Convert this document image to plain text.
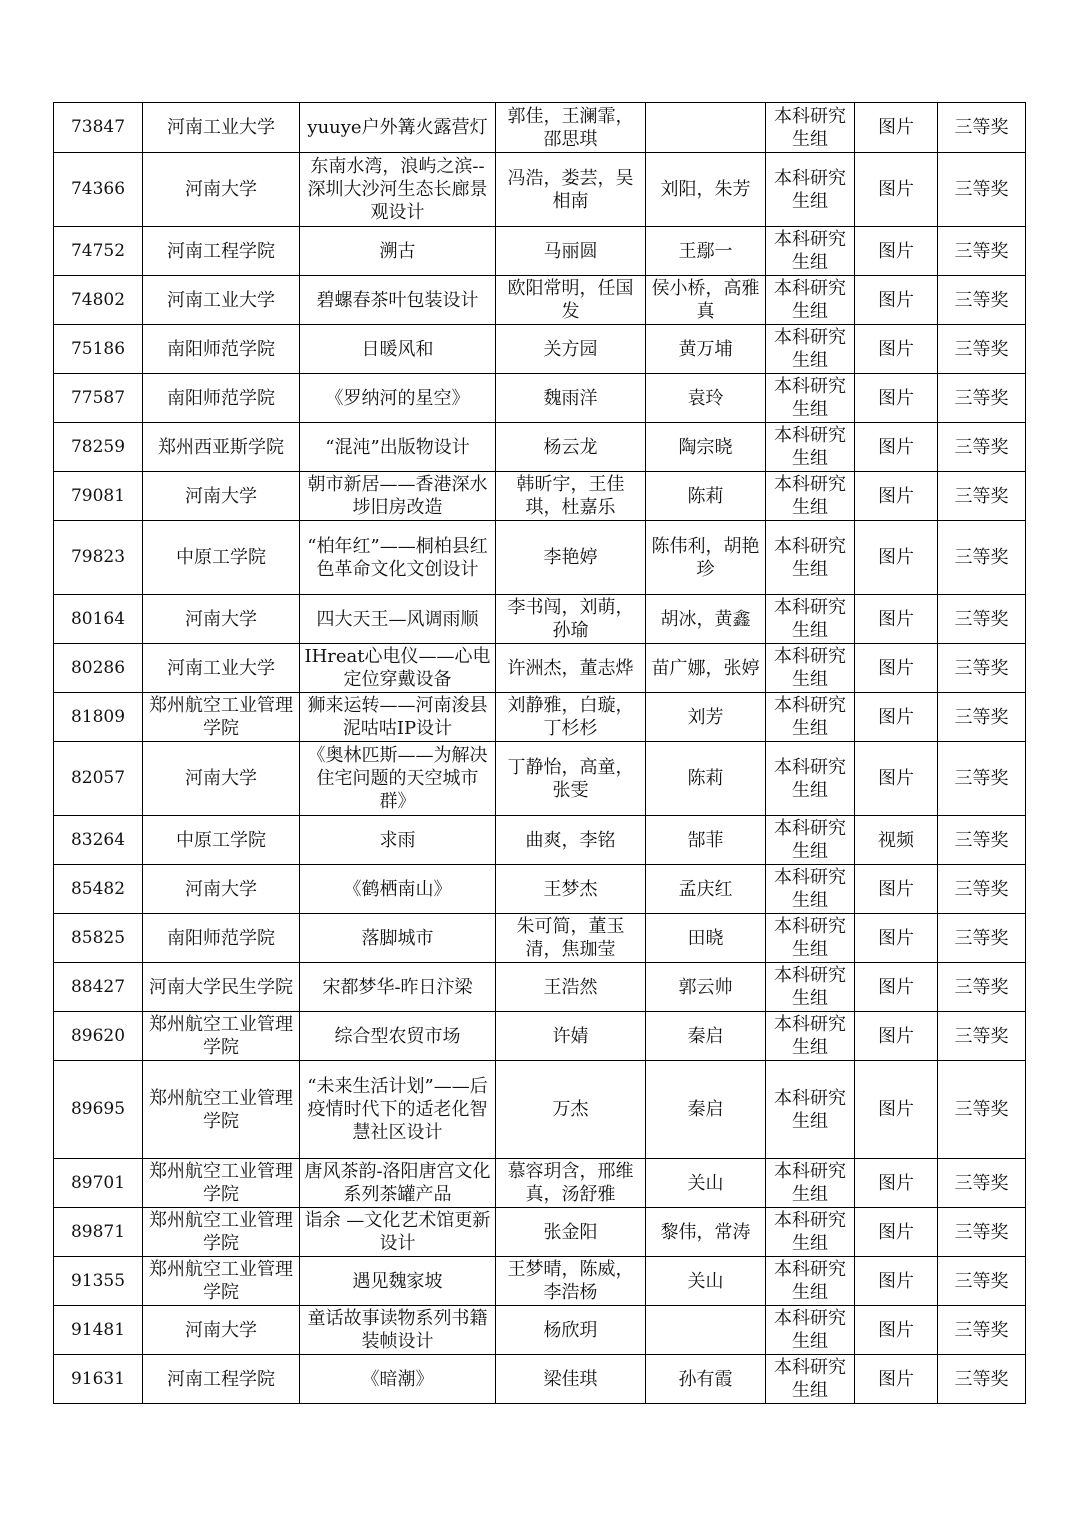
73847	河南工业大学	yuuye户外篝火露营灯	郭佳，王澜霏，邵思琪		本科研究生组	图片	三等奖
74366	河南大学	东南水湾，浪屿之滨--深圳大沙河生态长廊景观设计	冯浩，娄芸，吴相南	刘阳，朱芳	本科研究生组	图片	三等奖
74752	河南工程学院	溯古	马丽圆	王鄢一	本科研究生组	图片	三等奖
74802	河南工业大学	碧螺春茶叶包装设计	欧阳常明，任国发	侯小桥，高雅真	本科研究生组	图片	三等奖
75186	南阳师范学院	日暖风和	关方园	黄万埔	本科研究生组	图片	三等奖
77587	南阳师范学院	《罗纳河的星空》	魏雨洋	袁玲	本科研究生组	图片	三等奖
78259	郑州西亚斯学院	“混沌”出版物设计	杨云龙	陶宗晓	本科研究生组	图片	三等奖
79081	河南大学	朝市新居——香港深水埗旧房改造	韩昕宇，王佳琪，杜嘉乐	陈莉	本科研究生组	图片	三等奖
79823	中原工学院	“柏年红”——桐柏县红色革命文化文创设计	李艳婷	陈伟利，胡艳珍	本科研究生组	图片	三等奖
80164	河南大学	四大天王—风调雨顺	李书闯，刘萌，孙瑜	胡冰，黄鑫	本科研究生组	图片	三等奖
80286	河南工业大学	IHreat心电仪——心电定位穿戴设备	许洲杰，董志烨	苗广娜，张婷	本科研究生组	图片	三等奖
81809	郑州航空工业管理学院	狮来运转——河南浚县泥咕咕IP设计	刘静雅，白璇，丁杉杉	刘芳	本科研究生组	图片	三等奖
82057	河南大学	《奥林匹斯——为解决住宅问题的天空城市群》	丁静怡，高童，张雯	陈莉	本科研究生组	图片	三等奖
83264	中原工学院	求雨	曲爽，李铭	郜菲	本科研究生组	视频	三等奖
85482	河南大学	《鹤栖南山》	王梦杰	孟庆红	本科研究生组	图片	三等奖
85825	南阳师范学院	落脚城市	朱可简，董玉清，焦珈莹	田晓	本科研究生组	图片	三等奖
88427	河南大学民生学院	宋都梦华-昨日汴梁	王浩然	郭云帅	本科研究生组	图片	三等奖
89620	郑州航空工业管理学院	综合型农贸市场	许婧	秦启	本科研究生组	图片	三等奖
89695	郑州航空工业管理学院	“未来生活计划”——后疫情时代下的适老化智慧社区设计	万杰	秦启	本科研究生组	图片	三等奖
89701	郑州航空工业管理学院	唐风茶韵-洛阳唐宫文化系列茶罐产品	慕容玥含，邢维真，汤舒雅	关山	本科研究生组	图片	三等奖
89871	郑州航空工业管理学院	诣余 —文化艺术馆更新设计	张金阳	黎伟，常涛	本科研究生组	图片	三等奖
91355	郑州航空工业管理学院	遇见魏家坡	王梦晴，陈威，李浩杨	关山	本科研究生组	图片	三等奖
91481	河南大学	童话故事读物系列书籍装帧设计	杨欣玥		本科研究生组	图片	三等奖
91631	河南工程学院	《暗潮》	梁佳琪	孙有霞	本科研究生组	图片	三等奖
